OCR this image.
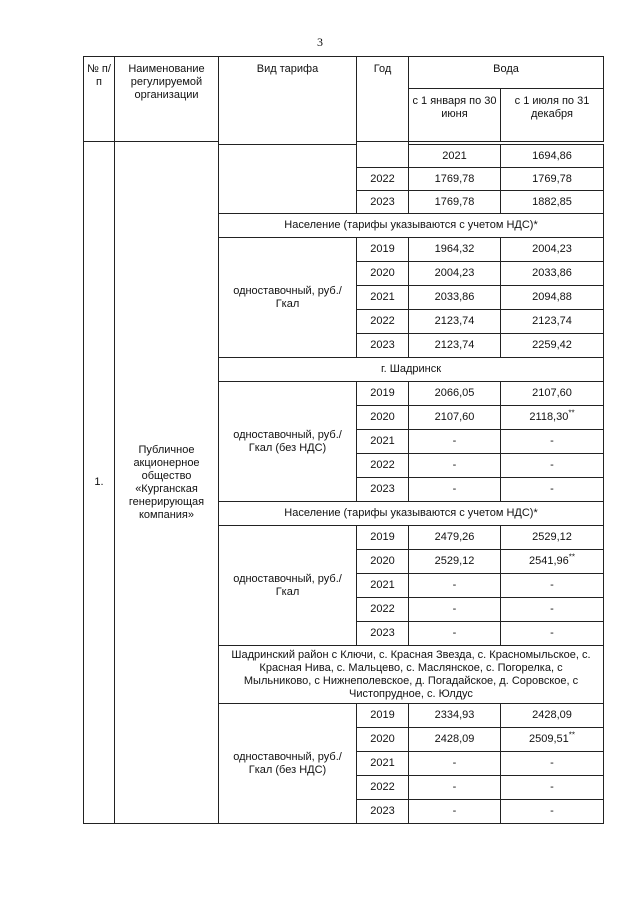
3
№ п/п	Наименование регулируемой организации	Вид тарифа	Год	Вода		
				с 1 января по 30 июня	с 1 июля по 31 декабря	
1.	Публичное акционерное общество «Курганская генерирующая компания»					
				2021	1694,86	
			2022	1769,78	1769,78	
			2023	1769,78	1882,85	
		Население (тарифы указываются с учетом НДС)*				
		одноставочный, руб./Гкал	2019	1964,32	2004,23	
			2020	2004,23	2033,86	
			2021	2033,86	2094,88	
			2022	2123,74	2123,74	
			2023	2123,74	2259,42	
		г. Шадринск				
		одноставочный, руб./Гкал (без НДС)	2019	2066,05	2107,60	
			2020	2107,60	2118,30**
			2021	-	-	
			2022	-	-	
			2023	-	-	
		Население (тарифы указываются с учетом НДС)*				
		одноставочный, руб./Гкал	2019	2479,26	2529,12	
			2020	2529,12	2541,96**
			2021	-	-	
			2022	-	-	
			2023	-	-	
		Шадринский район с Ключи, с. Красная Звезда, с. Красномыльское, с. Красная Нива, с. Мальцево, с. Маслянское, с. Погорелка, с Мыльниково, с Нижнеполевское, д. Погадайское, д. Соровское, с Чистопрудное, с. Юлдус				
		одноставочный, руб./Гкал (без НДС)	2019	2334,93	2428,09	
			2020	2428,09	2509,51**
			2021	-	-	
			2022	-	-	
			2023	-	-	
